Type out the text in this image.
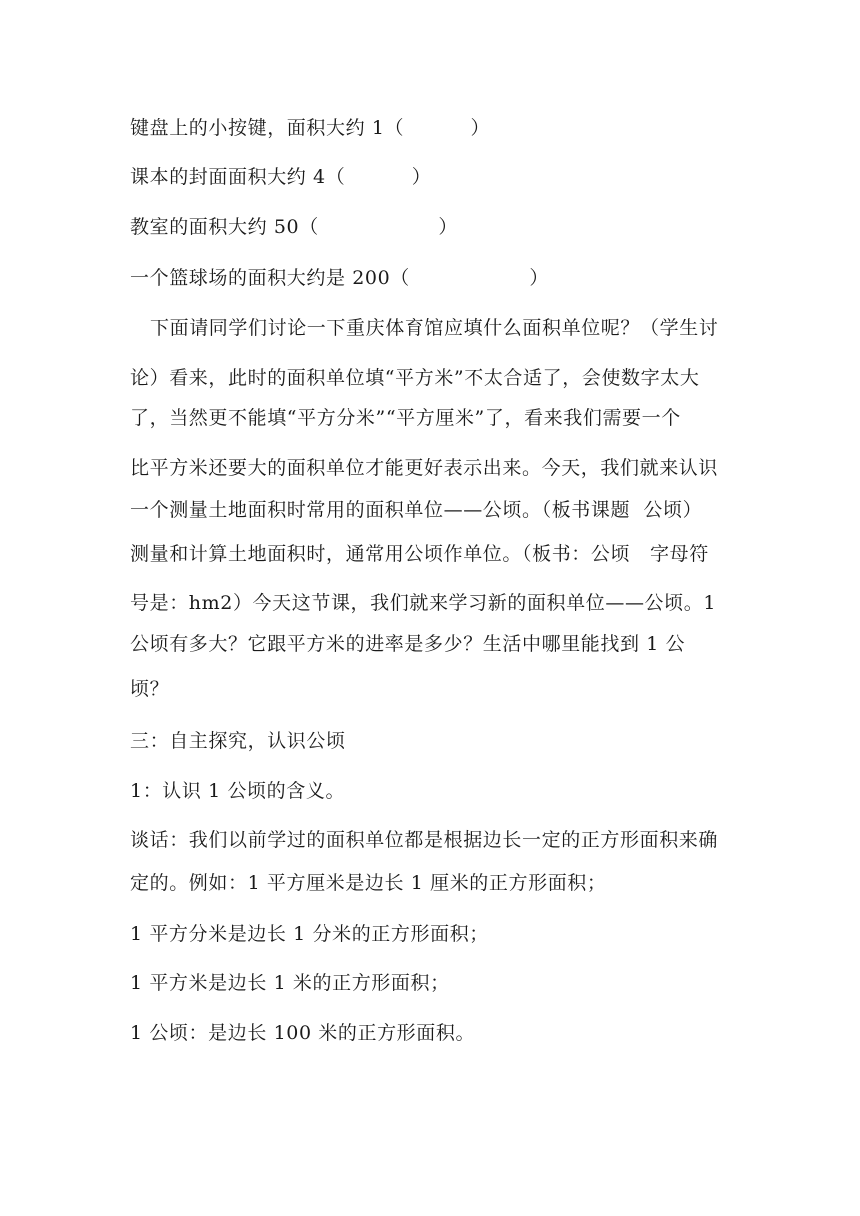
键盘上的小按键，面积大约 1（          ）
课本的封面面积大约 4（          ）
教室的面积大约 50（                  ）
一个篮球场的面积大约是 200（                  ）
下面请同学们讨论一下重庆体育馆应填什么面积单位呢？（学生讨
论）看来，此时的面积单位填“平方米”不太合适了，会使数字太大
了，当然更不能填“平方分米”“平方厘米”了，看来我们需要一个
比平方米还要大的面积单位才能更好表示出来。今天，我们就来认识
一个测量土地面积时常用的面积单位——公顷。（板书课题  公顷）
测量和计算土地面积时，通常用公顷作单位。（板书：公顷   字母符
号是：hm2）今天这节课，我们就来学习新的面积单位——公顷。1
公顷有多大？它跟平方米的进率是多少？生活中哪里能找到 1 公
顷？
三：自主探究，认识公顷
1：认识 1 公顷的含义。
谈话：我们以前学过的面积单位都是根据边长一定的正方形面积来确
定的。例如：1 平方厘米是边长 1 厘米的正方形面积；
1 平方分米是边长 1 分米的正方形面积；
1 平方米是边长 1 米的正方形面积；
1 公顷：是边长 100 米的正方形面积。
